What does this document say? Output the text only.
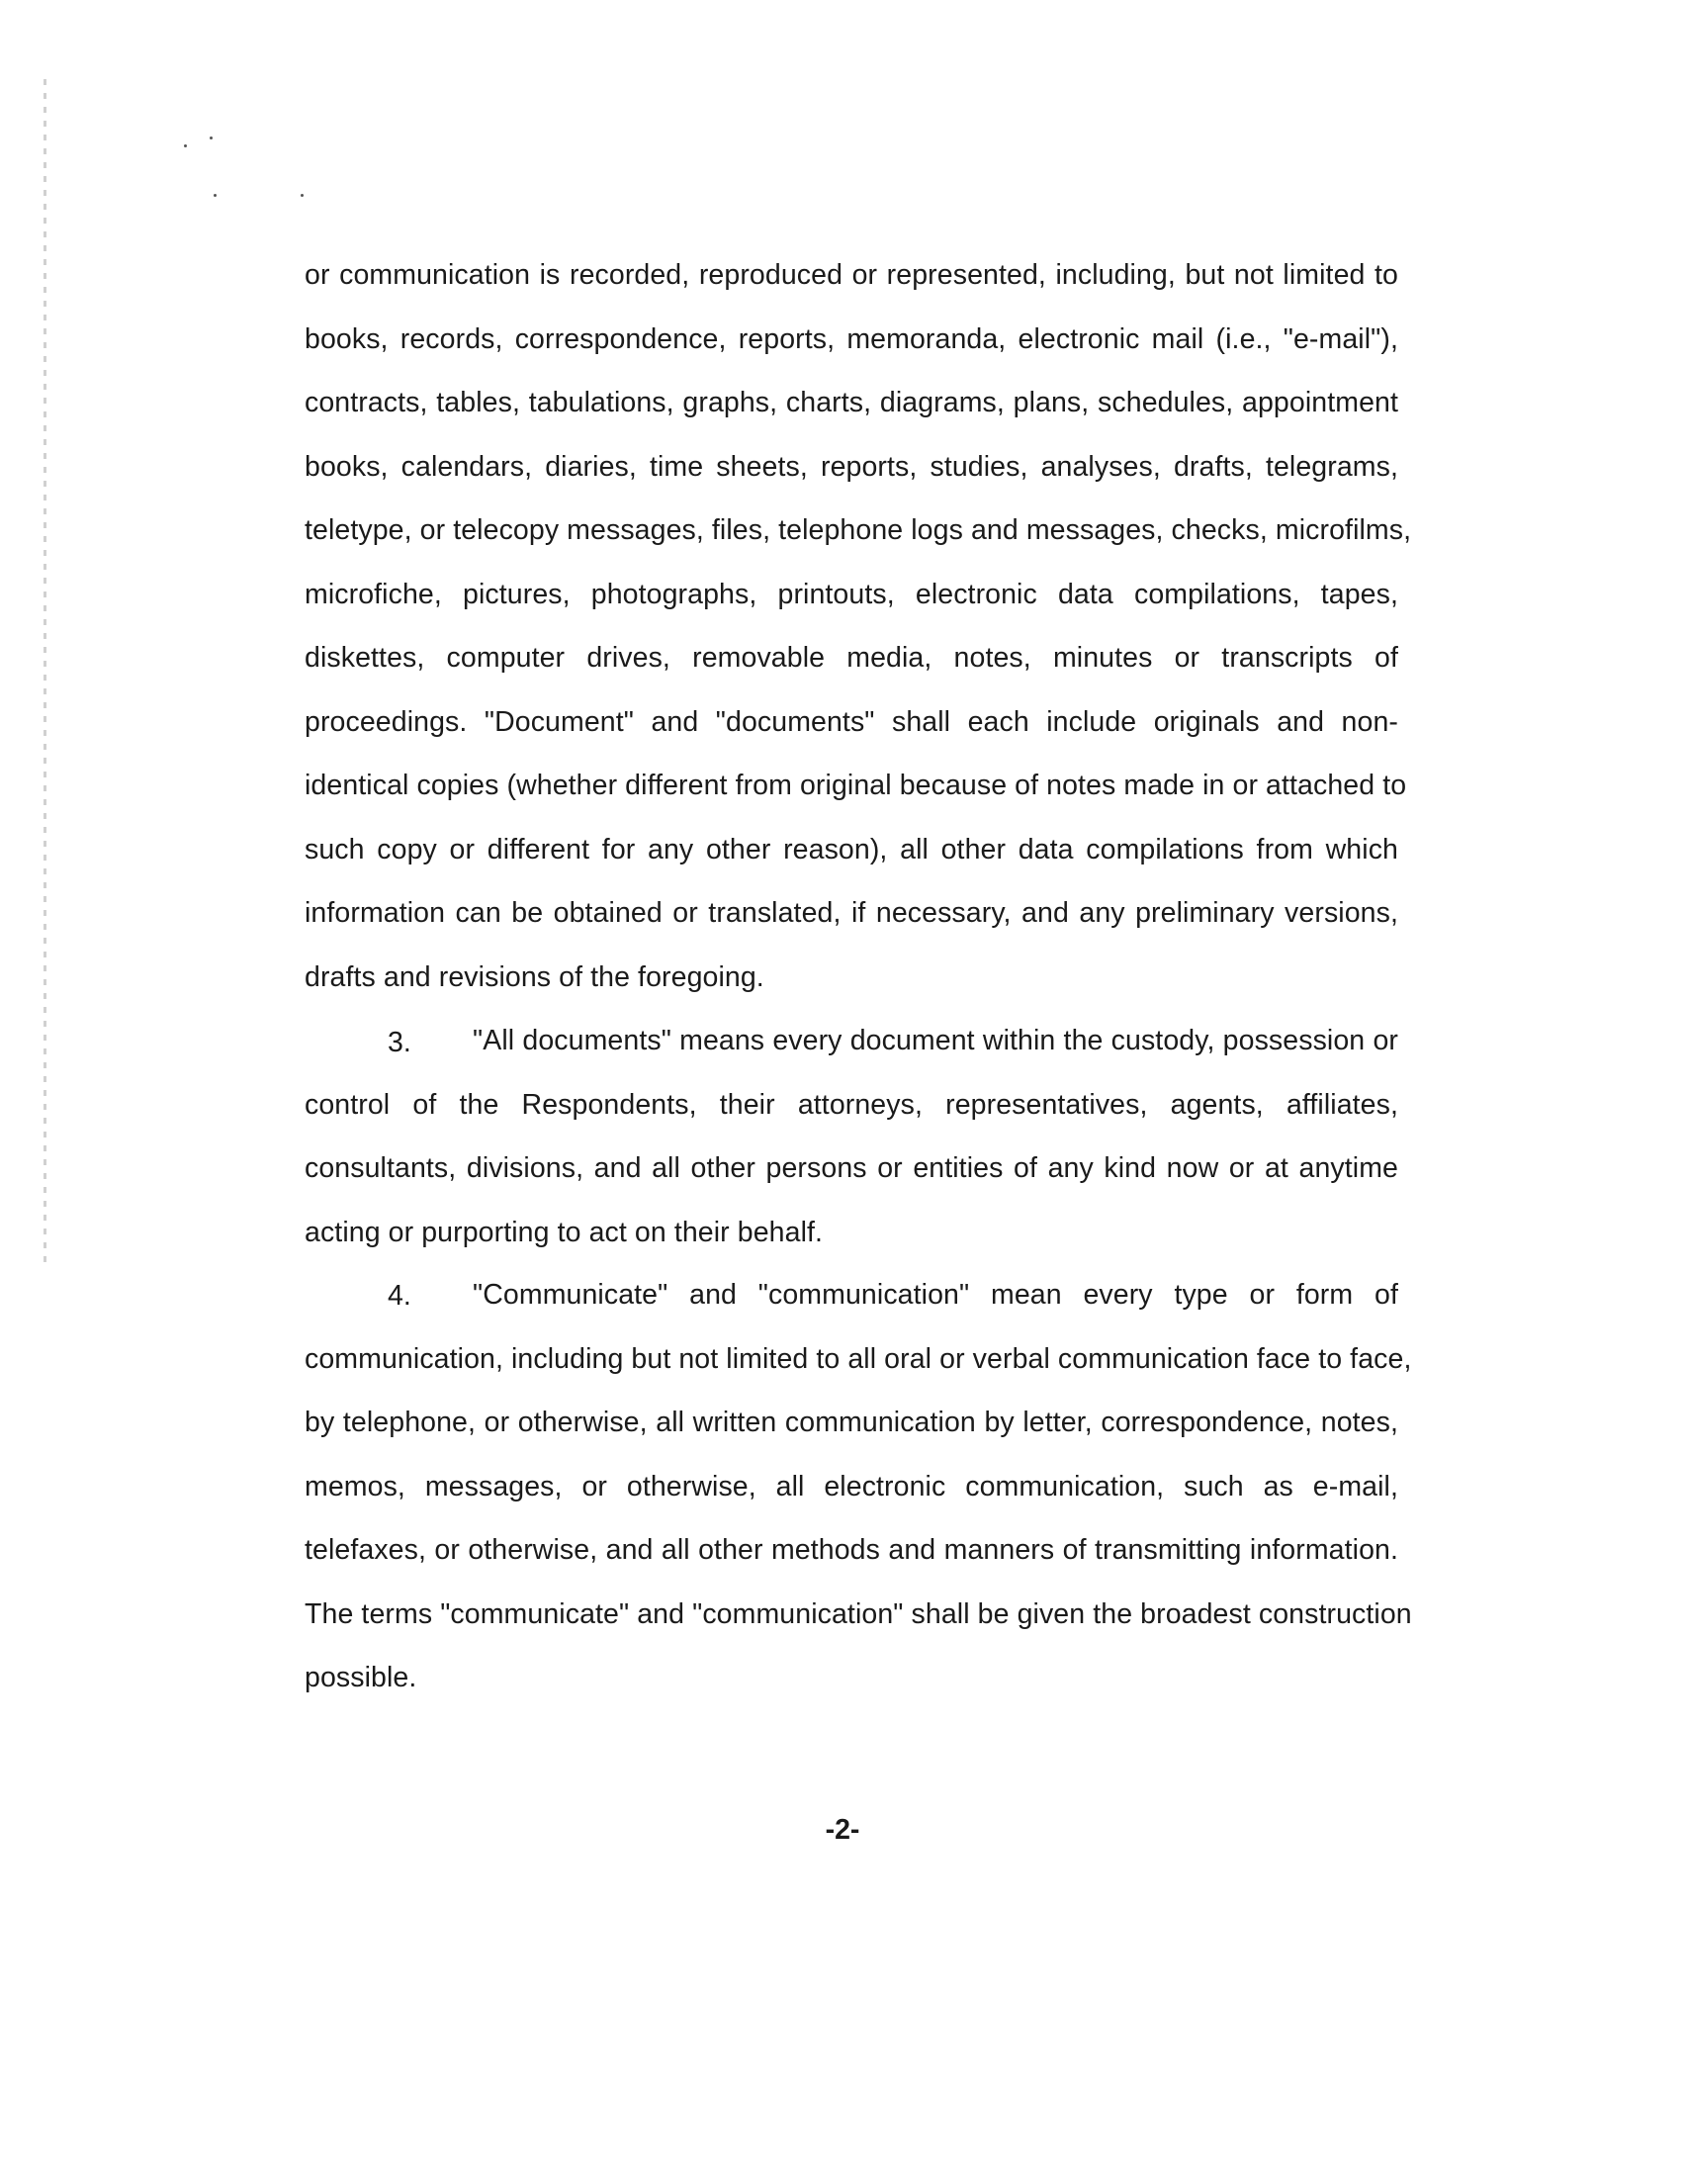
or communication is recorded, reproduced or represented, including, but not limited to
books, records, correspondence, reports, memoranda, electronic mail (i.e., "e-mail"),
contracts, tables, tabulations, graphs, charts, diagrams, plans, schedules, appointment
books, calendars, diaries, time sheets, reports, studies, analyses, drafts, telegrams,
teletype, or telecopy messages, files, telephone logs and messages, checks, microfilms,
microfiche, pictures, photographs, printouts, electronic data compilations, tapes,
diskettes, computer drives, removable media, notes, minutes or transcripts of
proceedings. "Document" and "documents" shall each include originals and non-
identical copies (whether different from original because of notes made in or attached to
such copy or different for any other reason), all other data compilations from which
information can be obtained or translated, if necessary, and any preliminary versions,
drafts and revisions of the foregoing.
3. "All documents" means every document within the custody, possession or
control of the Respondents, their attorneys, representatives, agents, affiliates,
consultants, divisions, and all other persons or entities of any kind now or at anytime
acting or purporting to act on their behalf.
4. "Communicate" and "communication" mean every type or form of
communication, including but not limited to all oral or verbal communication face to face,
by telephone, or otherwise, all written communication by letter, correspondence, notes,
memos, messages, or otherwise, all electronic communication, such as e-mail,
telefaxes, or otherwise, and all other methods and manners of transmitting information.
The terms "communicate" and "communication" shall be given the broadest construction
possible.
-2-
